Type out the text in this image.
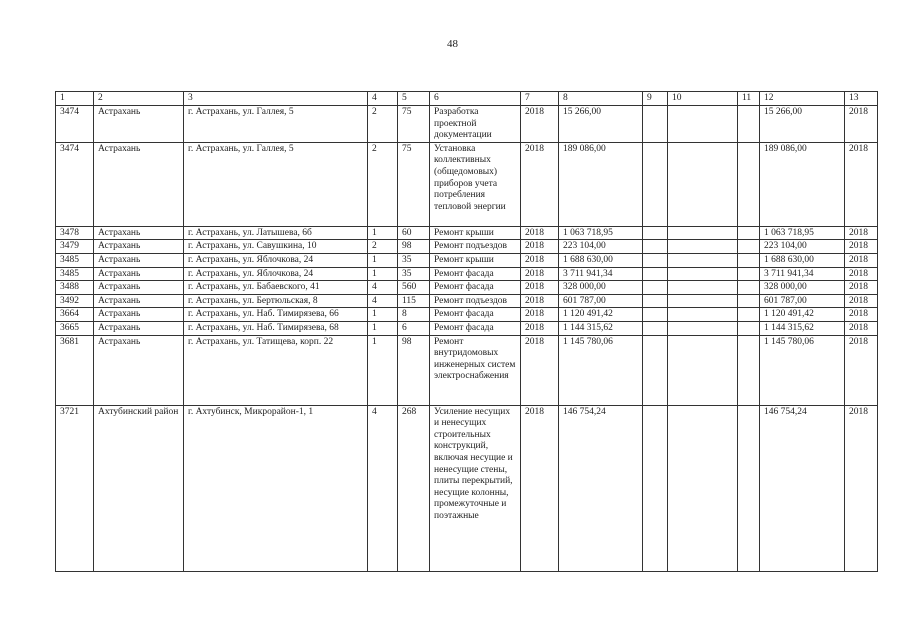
48
1	2	3	4	5	6	7	8	9	10	11	12	13
3474	Астрахань	г. Астрахань, ул. Галлея, 5	2	75	Разработка проектной документации	2018	15 266,00				15 266,00	2018
3474	Астрахань	г. Астрахань, ул. Галлея, 5	2	75	Установка коллективных (общедомовых) приборов учета потребления тепловой энергии	2018	189 086,00				189 086,00	2018
3478	Астрахань	г. Астрахань, ул. Латышева, 6б	1	60	Ремонт крыши	2018	1 063 718,95				1 063 718,95	2018
3479	Астрахань	г. Астрахань, ул. Савушкина, 10	2	98	Ремонт подъездов	2018	223 104,00				223 104,00	2018
3485	Астрахань	г. Астрахань, ул. Яблочкова, 24	1	35	Ремонт крыши	2018	1 688 630,00				1 688 630,00	2018
3485	Астрахань	г. Астрахань, ул. Яблочкова, 24	1	35	Ремонт фасада	2018	3 711 941,34				3 711 941,34	2018
3488	Астрахань	г. Астрахань, ул. Бабаевского, 41	4	560	Ремонт фасада	2018	328 000,00				328 000,00	2018
3492	Астрахань	г. Астрахань, ул. Бертюльская, 8	4	115	Ремонт подъездов	2018	601 787,00				601 787,00	2018
3664	Астрахань	г. Астрахань, ул. Наб. Тимирязева, 66	1	8	Ремонт фасада	2018	1 120 491,42				1 120 491,42	2018
3665	Астрахань	г. Астрахань, ул. Наб. Тимирязева, 68	1	6	Ремонт фасада	2018	1 144 315,62				1 144 315,62	2018
3681	Астрахань	г. Астрахань, ул. Татищева, корп. 22	1	98	Ремонт внутридомовых инженерных систем электроснабжения	2018	1 145 780,06				1 145 780,06	2018
3721	Ахтубинский район	г. Ахтубинск, Микрорайон-1, 1	4	268	Усиление несущих и ненесущих строительных конструкций, включая несущие и ненесущие стены, плиты перекрытий, несущие колонны, промежуточные и поэтажные	2018	146 754,24				146 754,24	2018
